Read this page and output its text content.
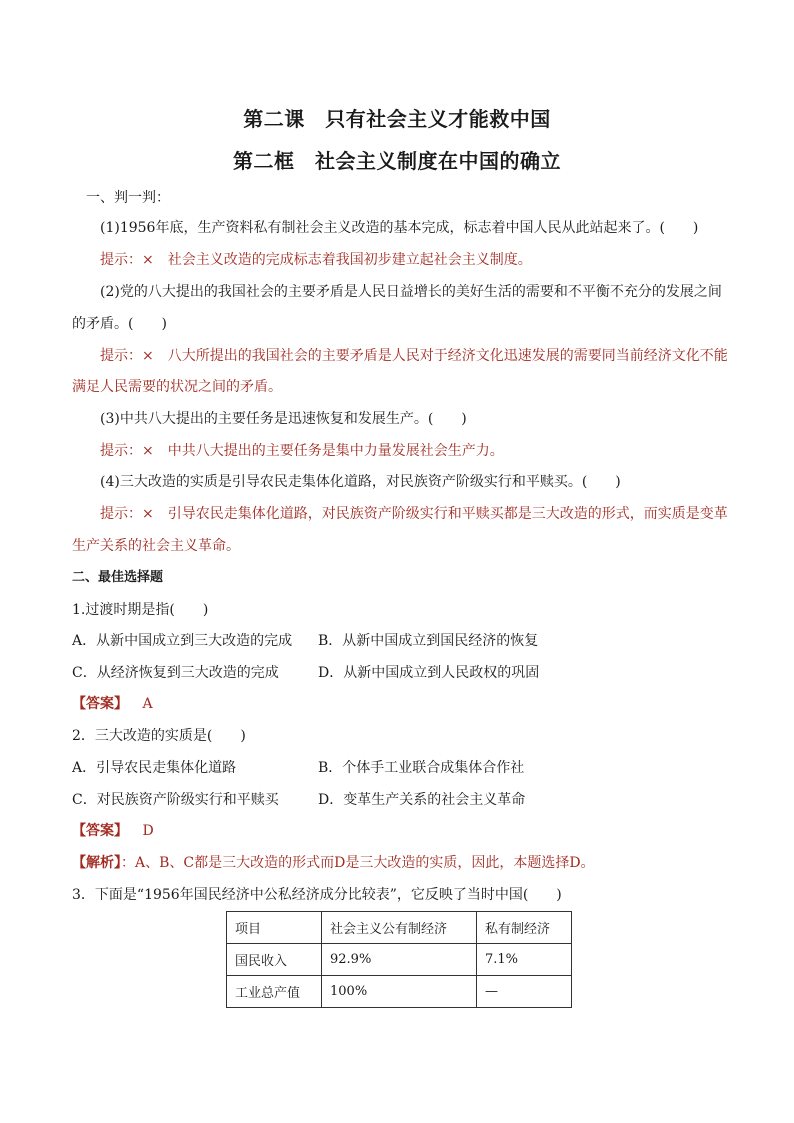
第二课　只有社会主义才能救中国
第二框　社会主义制度在中国的确立
一、判一判：
(1)1956年底，生产资料私有制社会主义改造的基本完成，标志着中国人民从此站起来了。(　　)
提示：×　社会主义改造的完成标志着我国初步建立起社会主义制度。
(2)党的八大提出的我国社会的主要矛盾是人民日益增长的美好生活的需要和不平衡不充分的发展之间
的矛盾。(　　)
提示：×　八大所提出的我国社会的主要矛盾是人民对于经济文化迅速发展的需要同当前经济文化不能
满足人民需要的状况之间的矛盾。
(3)中共八大提出的主要任务是迅速恢复和发展生产。(　　)
提示：×　中共八大提出的主要任务是集中力量发展社会生产力。
(4)三大改造的实质是引导农民走集体化道路，对民族资产阶级实行和平赎买。(　　)
提示：×　引导农民走集体化道路，对民族资产阶级实行和平赎买都是三大改造的形式，而实质是变革
生产关系的社会主义革命。
二、最佳选择题
1.过渡时期是指(　　)
A．从新中国成立到三大改造的完成 B．从新中国成立到国民经济的恢复
C．从经济恢复到三大改造的完成	D．从新中国成立到人民政权的巩固
【答案】 A
2．三大改造的实质是(　　)
A．引导农民走集体化道路	B．个体手工业联合成集体合作社
C．对民族资产阶级实行和平赎买	D．变革生产关系的社会主义革命
【答案】 D
【解析】：A、B、C都是三大改造的形式而D是三大改造的实质，因此，本题选择D。
3．下面是“1956年国民经济中公私经济成分比较表”，它反映了当时中国(　　)
项目	社会主义公有制经济	私有制经济
国民收入	92.9%	7.1%
工业总产值	100%	—
